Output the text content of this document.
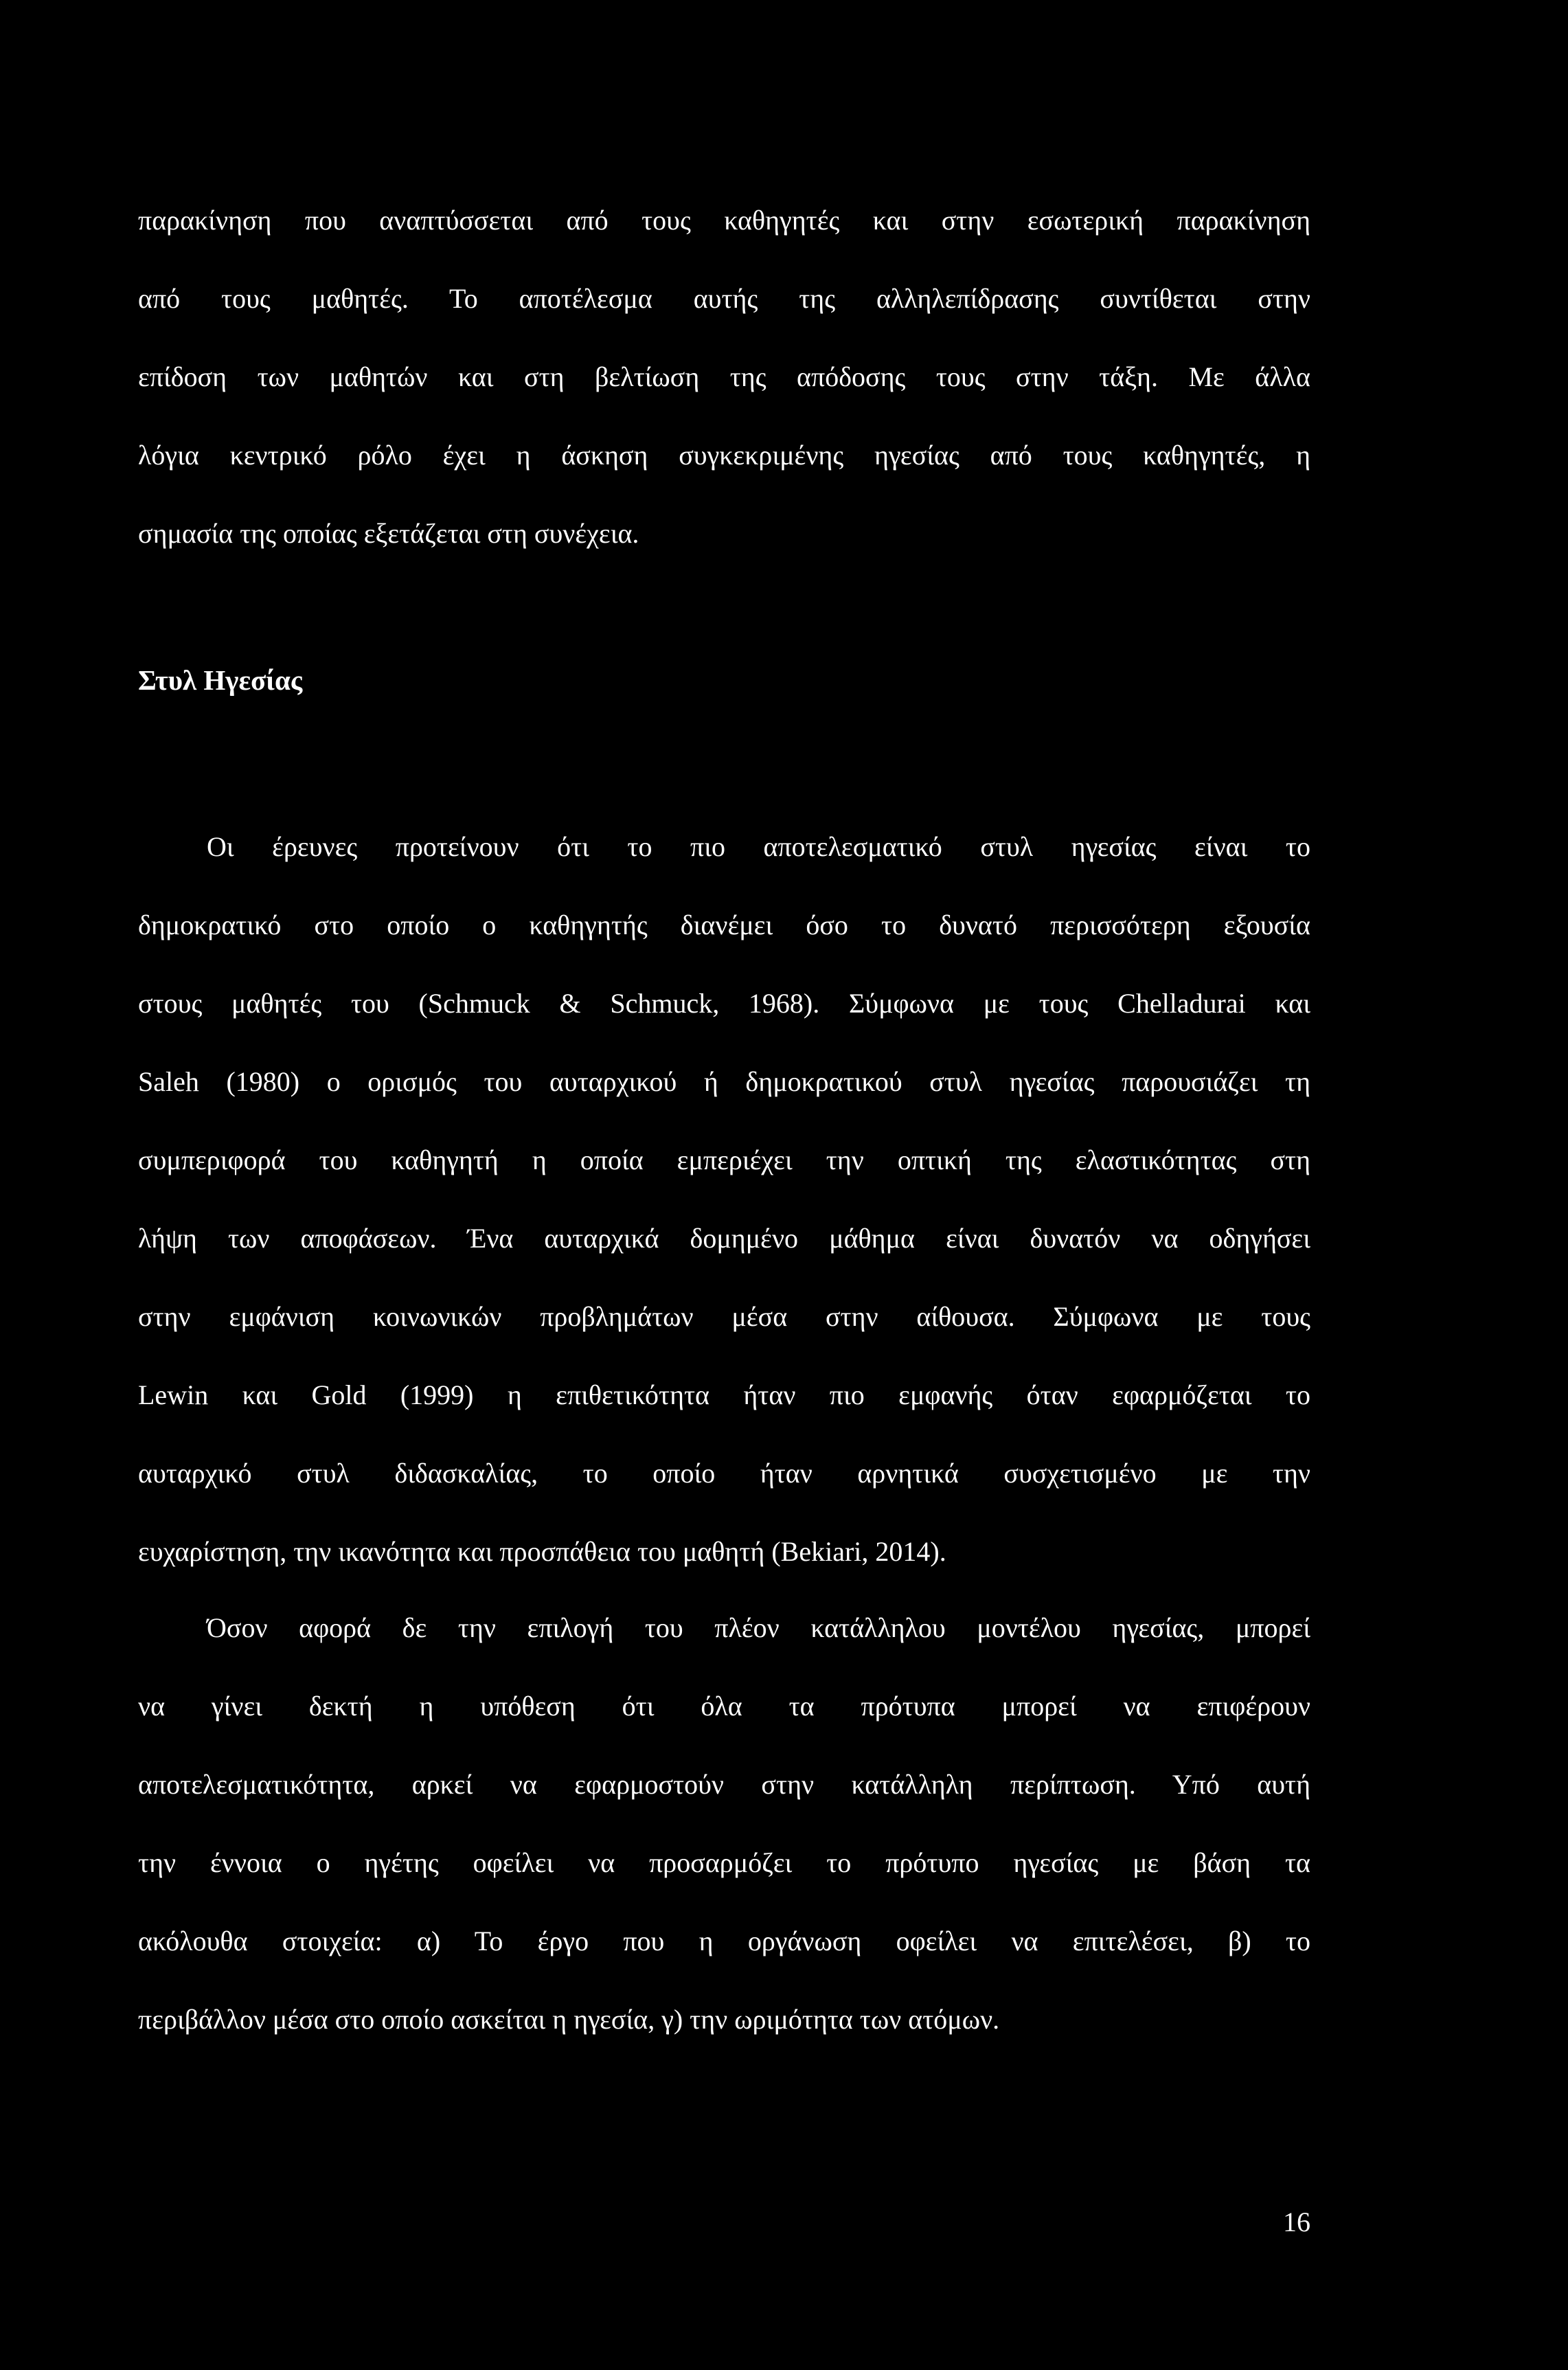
παρακίνηση που αναπτύσσεται από τους καθηγητές και στην εσωτερική παρακίνηση
από τους μαθητές. Το αποτέλεσμα αυτής της αλληλεπίδρασης συντίθεται στην
επίδοση των μαθητών και στη βελτίωση της απόδοσης τους στην τάξη. Με άλλα
λόγια κεντρικό ρόλο έχει η άσκηση συγκεκριμένης ηγεσίας από τους καθηγητές, η
σημασία της οποίας εξετάζεται στη συνέχεια.
Στυλ Ηγεσίας
Οι έρευνες προτείνουν ότι το πιο αποτελεσματικό στυλ ηγεσίας είναι το
δημοκρατικό στο οποίο ο καθηγητής διανέμει όσο το δυνατό περισσότερη εξουσία
στους μαθητές του (Schmuck & Schmuck, 1968). Σύμφωνα με τους Chelladurai και
Saleh (1980) ο ορισμός του αυταρχικού ή δημοκρατικού στυλ ηγεσίας παρουσιάζει τη
συμπεριφορά του καθηγητή η οποία εμπεριέχει την οπτική της ελαστικότητας στη
λήψη των αποφάσεων. Ένα αυταρχικά δομημένο μάθημα είναι δυνατόν να οδηγήσει
στην εμφάνιση κοινωνικών προβλημάτων μέσα στην αίθουσα. Σύμφωνα με τους
Lewin και Gold (1999) η επιθετικότητα ήταν πιο εμφανής όταν εφαρμόζεται το
αυταρχικό στυλ διδασκαλίας, το οποίο ήταν αρνητικά συσχετισμένο με την
ευχαρίστηση, την ικανότητα και προσπάθεια του μαθητή (Bekiari, 2014).
Όσον αφορά δε την επιλογή του πλέον κατάλληλου μοντέλου ηγεσίας, μπορεί
να γίνει δεκτή η υπόθεση ότι όλα τα πρότυπα μπορεί να επιφέρουν
αποτελεσματικότητα, αρκεί να εφαρμοστούν στην κατάλληλη περίπτωση. Υπό αυτή
την έννοια ο ηγέτης οφείλει να προσαρμόζει το πρότυπο ηγεσίας με βάση τα
ακόλουθα στοιχεία: α) Το έργο που η οργάνωση οφείλει να επιτελέσει, β) το
περιβάλλον μέσα στο οποίο ασκείται η ηγεσία, γ) την ωριμότητα των ατόμων.
16
